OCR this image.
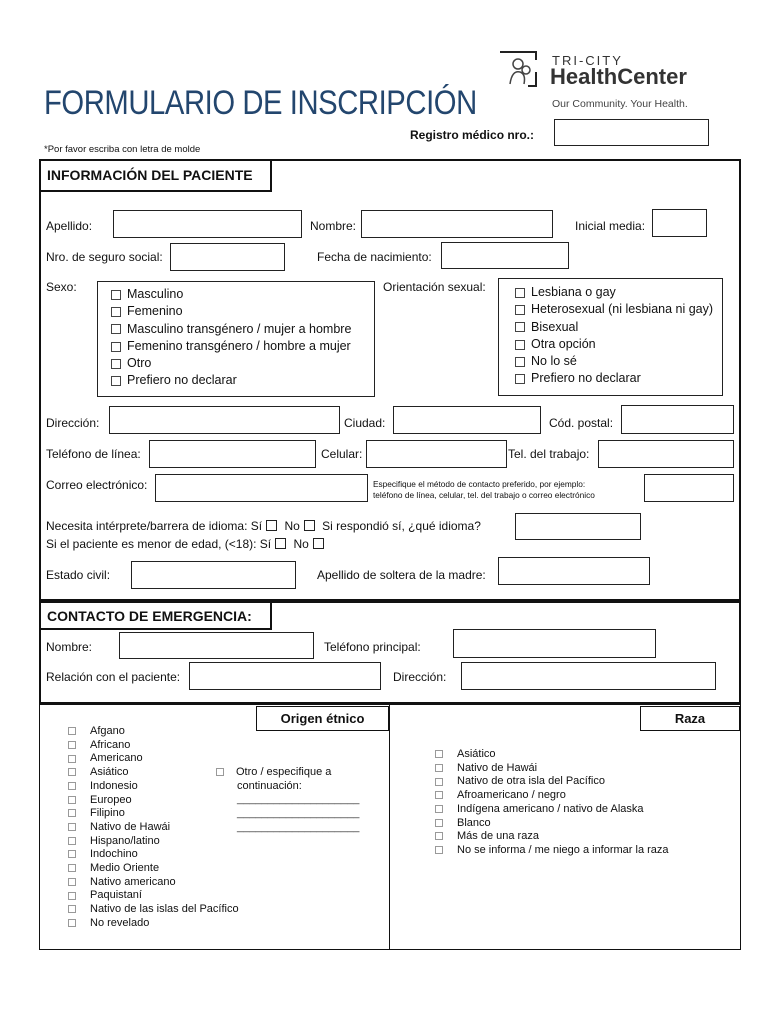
FORMULARIO DE INSCRIPCIÓN
TRI-CITY
HealthCenter
Our Community. Your Health.
Registro médico nro.:
*Por favor escriba con letra de molde
INFORMACIÓN DEL PACIENTE
Apellido:	Nombre:	Inicial media:
Nro. de seguro social:	Fecha de nacimiento:
Sexo:	Masculino
Femenino
Masculino transgénero / mujer a hombre
Femenino transgénero / hombre a mujer
Otro
Prefiero no declarar
Orientación sexual:	Lesbiana o gay
Heterosexual (ni lesbiana ni gay)
Bisexual
Otra opción
No lo sé
Prefiero no declarar
Dirección:	Ciudad:	Cód. postal:
Teléfono de línea:	Celular:	Tel. del trabajo:
Correo electrónico:	Especifique el método de contacto preferido, por ejemplo:
teléfono de línea, celular, tel. del trabajo o correo electrónico
Necesita intérprete/barrera de idioma: Sí No Si respondió sí, ¿qué idioma?
Si el paciente es menor de edad, (<18): Sí No
Estado civil:	Apellido de soltera de la madre:
CONTACTO DE EMERGENCIA:
Nombre:	Teléfono principal:
Relación con el paciente:	Dirección:
Origen étnico
Afgano
Africano
Americano
Asiático
Indonesio
Europeo
Filipino
Nativo de Hawái
Hispano/latino
Indochino
Medio Oriente
Nativo americano
Paquistaní
Nativo de las islas del Pacífico
No revelado
Otro / especifique a
continuación:
____________________
____________________
____________________
Raza
Asiático
Nativo de Hawái
Nativo de otra isla del Pacífico
Afroamericano / negro
Indígena americano / nativo de Alaska
Blanco
Más de una raza
No se informa / me niego a informar la raza
